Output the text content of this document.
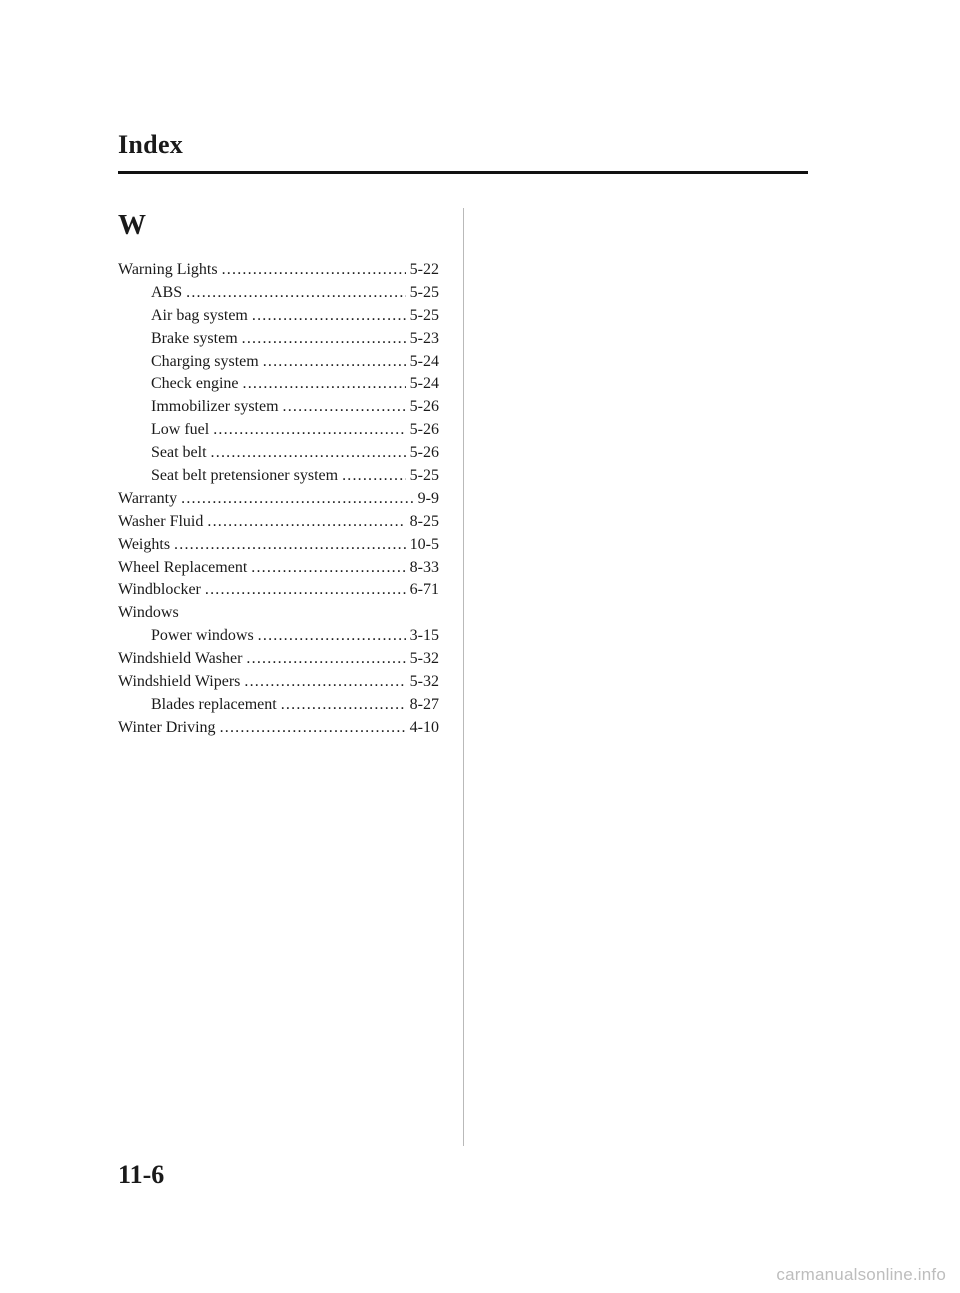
Index
W
Warning Lights .....	5-22
ABS .....	5-25
Air bag system .....	5-25
Brake system .....	5-23
Charging system .....	5-24
Check engine .....	5-24
Immobilizer system .....	5-26
Low fuel .....	5-26
Seat belt .....	5-26
Seat belt pretensioner system .....	5-25
Warranty .....	9-9
Washer Fluid .....	8-25
Weights .....	10-5
Wheel Replacement .....	8-33
Windblocker .....	6-71
Windows
Power windows .....	3-15
Windshield Washer .....	5-32
Windshield Wipers .....	5-32
Blades replacement .....	8-27
Winter Driving .....	4-10
11-6
carmanualsonline.info
